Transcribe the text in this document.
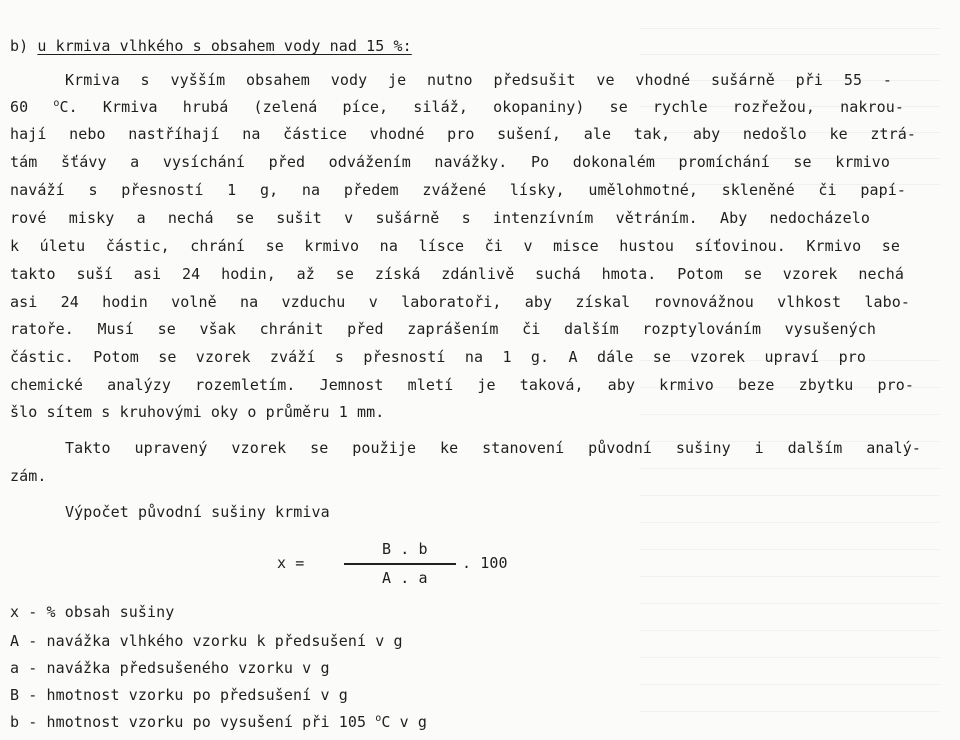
b) u krmiva vlhkého s obsahem vody nad 15 %:
Krmiva s vyšším obsahem vody je nutno předsušit ve vhodné sušárně při 55 -
60 $^o$C. Krmiva hrubá (zelená píce, siláž, okopaniny) se rychle rozřežou, nakrou-
hají nebo nastříhají na částice vhodné pro sušení, ale tak, aby nedošlo ke ztrá-
tám šťávy a vysíchání před odvážením navážky. Po dokonalém promíchání se krmivo
naváží s přesností 1 g, na předem zvážené lísky, umělohmotné, skleněné či papí-
rové misky a nechá se sušit v sušárně s intenzívním větráním. Aby nedocházelo
k úletu částic, chrání se krmivo na lísce či v misce hustou síťovinou. Krmivo se
takto suší asi 24 hodin, až se získá zdánlivě suchá hmota. Potom se vzorek nechá
asi 24 hodin volně na vzduchu v laboratoři, aby získal rovnovážnou vlhkost labo-
ratoře. Musí se však chránit před zaprášením či dalším rozptylováním vysušených
částic. Potom se vzorek zváží s přesností na 1 g. A dále se vzorek upraví pro
chemické analýzy rozemletím. Jemnost mletí je taková, aby krmivo beze zbytku pro-
šlo sítem s kruhovými oky o průměru 1 mm.
Takto upravený vzorek se použije ke stanovení původní sušiny i dalším analý-
zám.
Výpočet původní sušiny krmiva
x =
B . b
A . a
. 100
x - % obsah sušiny
A - navážka vlhkého vzorku k předsušení v g
a - navážka předsušeného vzorku v g
B - hmotnost vzorku po předsušení v g
b - hmotnost vzorku po vysušení při 105 $^o$C v g
